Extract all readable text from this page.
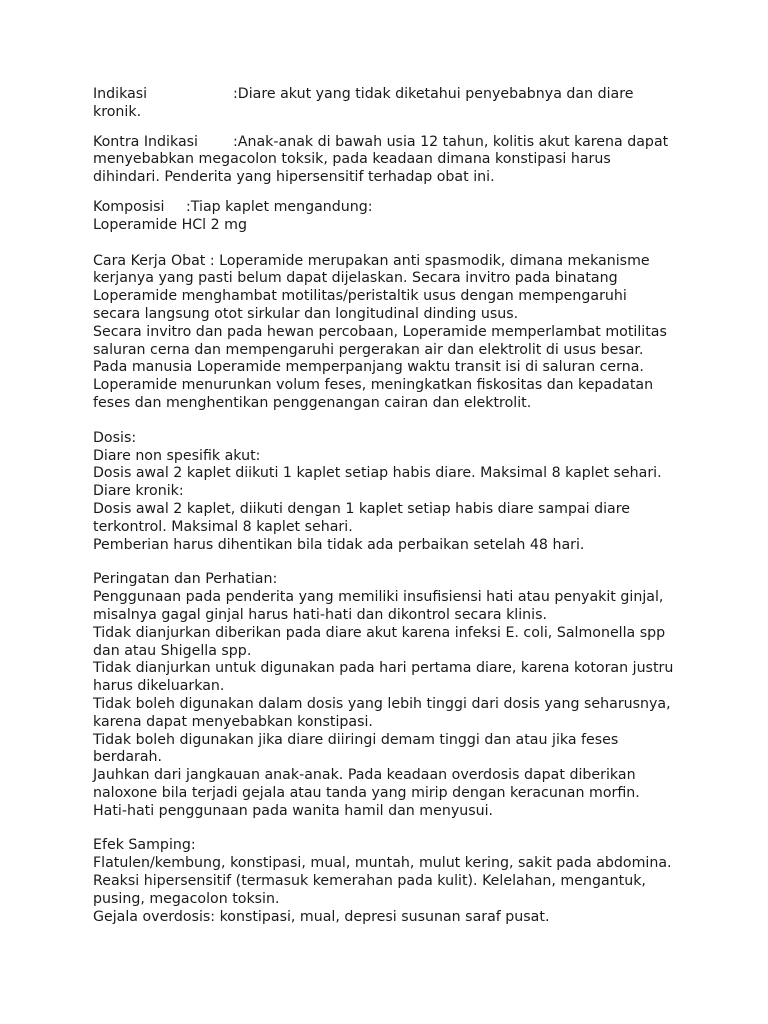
Indikasi	:Diare akut yang tidak diketahui penyebabnya dan diare
kronik.
Kontra Indikasi :Anak-anak di bawah usia 12 tahun, kolitis akut karena dapat
menyebabkan megacolon toksik, pada keadaan dimana konstipasi harus
dihindari. Penderita yang hipersensitif terhadap obat ini.
Komposisi :Tiap kaplet mengandung:
Loperamide HCl 2 mg
Cara Kerja Obat : Loperamide merupakan anti spasmodik, dimana mekanisme
kerjanya yang pasti belum dapat dijelaskan. Secara invitro pada binatang
Loperamide menghambat motilitas/peristaltik usus dengan mempengaruhi
secara langsung otot sirkular dan longitudinal dinding usus.
Secara invitro dan pada hewan percobaan, Loperamide memperlambat motilitas
saluran cerna dan mempengaruhi pergerakan air dan elektrolit di usus besar.
Pada manusia Loperamide memperpanjang waktu transit isi di saluran cerna.
Loperamide menurunkan volum feses, meningkatkan fiskositas dan kepadatan
feses dan menghentikan penggenangan cairan dan elektrolit.
Dosis:
Diare non spesifik akut:
Dosis awal 2 kaplet diikuti 1 kaplet setiap habis diare. Maksimal 8 kaplet sehari.
Diare kronik:
Dosis awal 2 kaplet, diikuti dengan 1 kaplet setiap habis diare sampai diare
terkontrol. Maksimal 8 kaplet sehari.
Pemberian harus dihentikan bila tidak ada perbaikan setelah 48 hari.
Peringatan dan Perhatian:
Penggunaan pada penderita yang memiliki insufisiensi hati atau penyakit ginjal,
misalnya gagal ginjal harus hati-hati dan dikontrol secara klinis.
Tidak dianjurkan diberikan pada diare akut karena infeksi E. coli, Salmonella spp
dan atau Shigella spp.
Tidak dianjurkan untuk digunakan pada hari pertama diare, karena kotoran justru
harus dikeluarkan.
Tidak boleh digunakan dalam dosis yang lebih tinggi dari dosis yang seharusnya,
karena dapat menyebabkan konstipasi.
Tidak boleh digunakan jika diare diiringi demam tinggi dan atau jika feses
berdarah.
Jauhkan dari jangkauan anak-anak. Pada keadaan overdosis dapat diberikan
naloxone bila terjadi gejala atau tanda yang mirip dengan keracunan morfin.
Hati-hati penggunaan pada wanita hamil dan menyusui.
Efek Samping:
Flatulen/kembung, konstipasi, mual, muntah, mulut kering, sakit pada abdomina.
Reaksi hipersensitif (termasuk kemerahan pada kulit). Kelelahan, mengantuk,
pusing, megacolon toksin.
Gejala overdosis: konstipasi, mual, depresi susunan saraf pusat.
